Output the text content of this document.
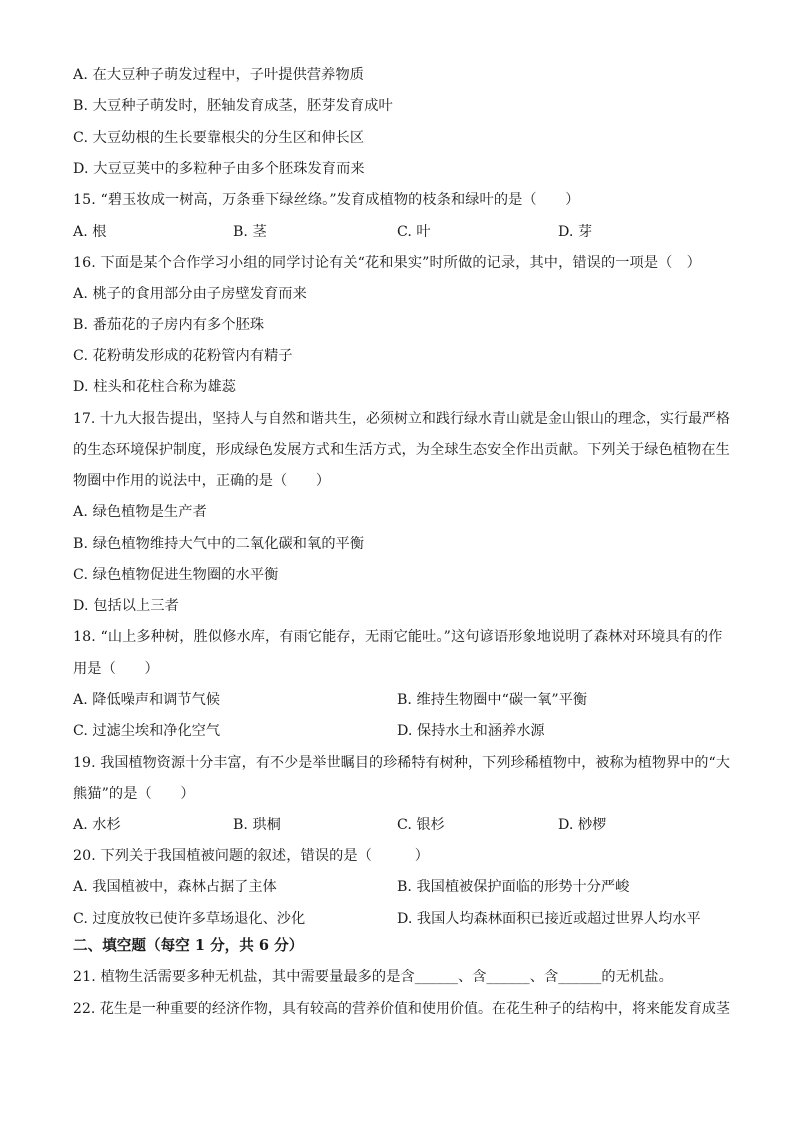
A. 在大豆种子萌发过程中，子叶提供营养物质
B. 大豆种子萌发时，胚轴发育成茎，胚芽发育成叶
C. 大豆幼根的生长要靠根尖的分生区和伸长区
D. 大豆豆荚中的多粒种子由多个胚珠发育而来
15. “碧玉妆成一树高，万条垂下绿丝绦。”发育成植物的枝条和绿叶的是（　　）
A. 根	B. 茎	C. 叶	D. 芽
16. 下面是某个合作学习小组的同学讨论有关“花和果实”时所做的记录，其中，错误的一项是（　）
A. 桃子的食用部分由子房壁发育而来
B. 番茄花的子房内有多个胚珠
C. 花粉萌发形成的花粉管内有精子
D. 柱头和花柱合称为雄蕊
17. 十九大报告提出，坚持人与自然和谐共生，必须树立和践行绿水青山就是金山银山的理念，实行最严格
的生态环境保护制度，形成绿色发展方式和生活方式，为全球生态安全作出贡献。下列关于绿色植物在生
物圈中作用的说法中，正确的是（　　）
A. 绿色植物是生产者
B. 绿色植物维持大气中的二氧化碳和氧的平衡
C. 绿色植物促进生物圈的水平衡
D. 包括以上三者
18. “山上多种树，胜似修水库，有雨它能存，无雨它能吐。”这句谚语形象地说明了森林对环境具有的作
用是（　　）
A. 降低噪声和调节气候	B. 维持生物圈中“碳一氧”平衡
C. 过滤尘埃和净化空气	D. 保持水土和涵养水源
19. 我国植物资源十分丰富，有不少是举世瞩目的珍稀特有树种，下列珍稀植物中，被称为植物界中的“大
熊猫”的是（　　）
A. 水杉	B. 珙桐	C. 银杉	D. 桫椤
20. 下列关于我国植被问题的叙述，错误的是（　　　）
A. 我国植被中，森林占据了主体	B. 我国植被保护面临的形势十分严峻
C. 过度放牧已使许多草场退化、沙化	D. 我国人均森林面积已接近或超过世界人均水平
二、填空题（每空 1 分，共 6 分）
21. 植物生活需要多种无机盐，其中需要量最多的是含______、含______、含______的无机盐。
22. 花生是一种重要的经济作物，具有较高的营养价值和使用价值。在花生种子的结构中，将来能发育成茎
